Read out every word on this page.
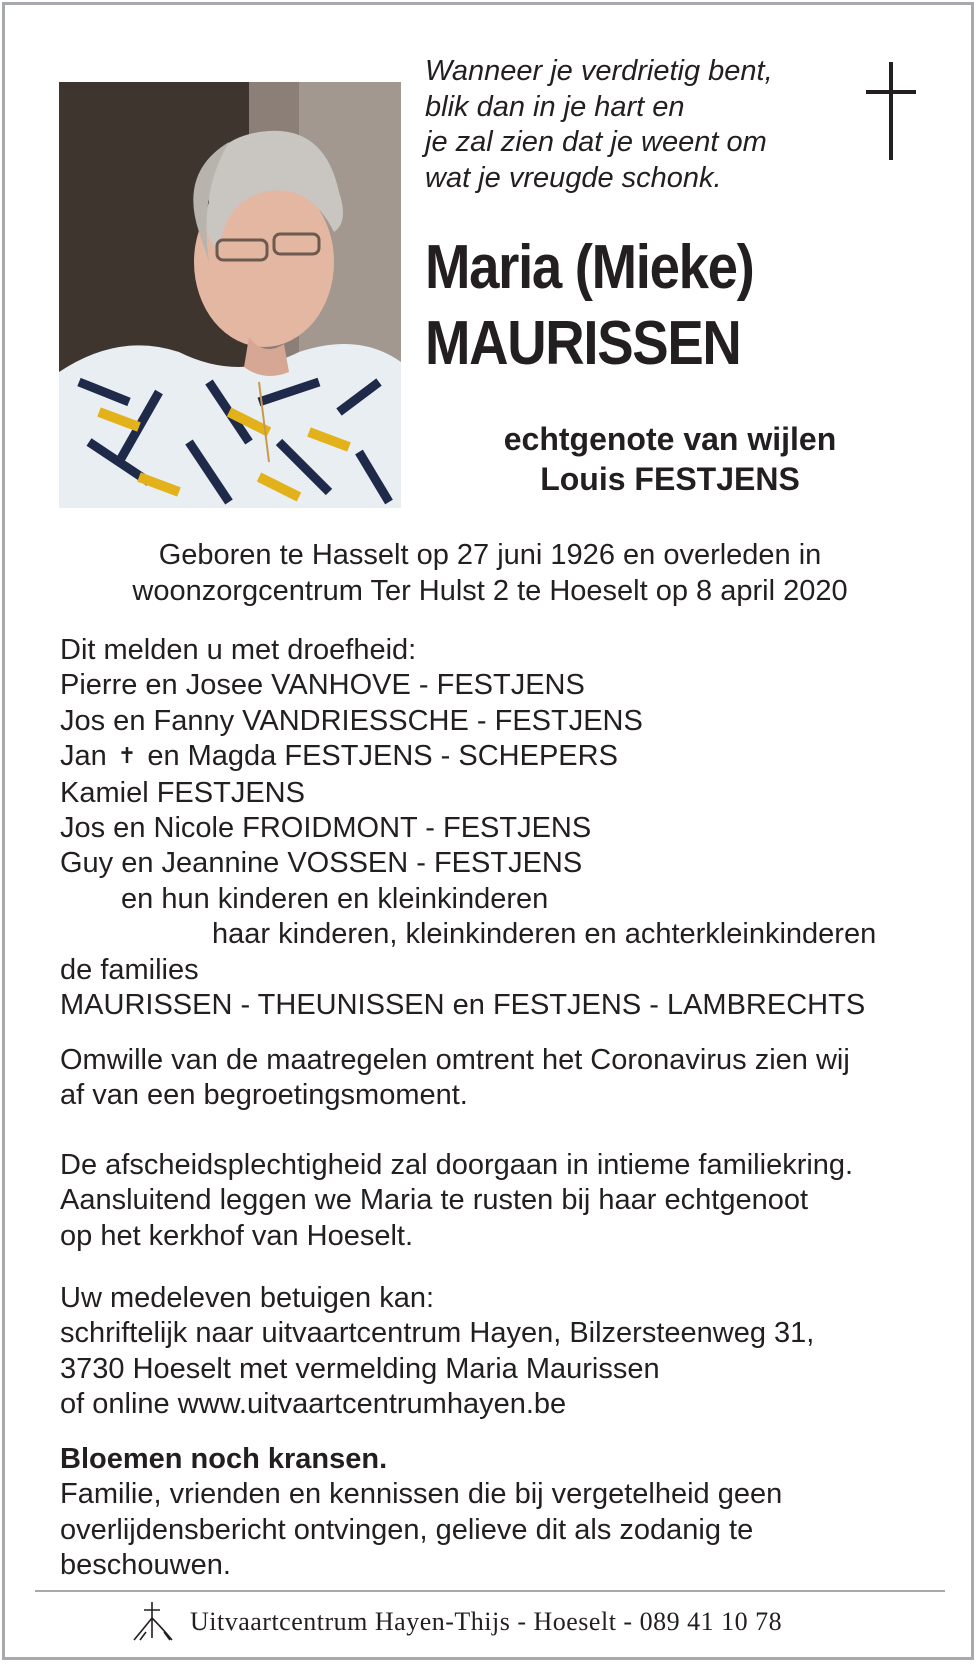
Wanneer je verdrietig bent,
blik dan in je hart en
je zal zien dat je weent om
wat je vreugde schonk.
Maria (Mieke)
MAURISSEN
echtgenote van wijlen
Louis FESTJENS
Geboren te Hasselt op 27 juni 1926 en overleden in
woonzorgcentrum Ter Hulst 2 te Hoeselt op 8 april 2020
Dit melden u met droefheid:
Pierre en Josee VANHOVE - FESTJENS
Jos en Fanny VANDRIESSCHE - FESTJENS
Jan ✝ en Magda FESTJENS - SCHEPERS
Kamiel FESTJENS
Jos en Nicole FROIDMONT - FESTJENS
Guy en Jeannine VOSSEN - FESTJENS
en hun kinderen en kleinkinderen
haar kinderen, kleinkinderen en achterkleinkinderen
de families
MAURISSEN - THEUNISSEN en FESTJENS - LAMBRECHTS
Omwille van de maatregelen omtrent het Coronavirus zien wij
af van een begroetingsmoment.
De afscheidsplechtigheid zal doorgaan in intieme familiekring.
Aansluitend leggen we Maria te rusten bij haar echtgenoot
op het kerkhof van Hoeselt.
Uw medeleven betuigen kan:
schriftelijk naar uitvaartcentrum Hayen, Bilzersteenweg 31,
3730 Hoeselt met vermelding Maria Maurissen
of online www.uitvaartcentrumhayen.be
Bloemen noch kransen.
Familie, vrienden en kennissen die bij vergetelheid geen
overlijdensbericht ontvingen, gelieve dit als zodanig te
beschouwen.
Uitvaartcentrum Hayen-Thijs - Hoeselt - 089 41 10 78
